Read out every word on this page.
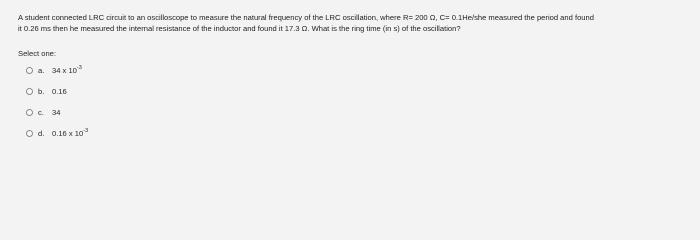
A student connected LRC circuit to an oscilloscope to measure the natural frequency of the LRC oscillation, where R= 200 Ω, C= 0.1He/she measured the period and found
it 0.26 ms then he measured the internal resistance of the inductor and found it 17.3 Ω. What is the ring time (in s) of the oscillation?
Select one:
a.	34 x $10^{-3}$
b.	0.16
c.	34
d.	0.16 x $10^{-3}$
